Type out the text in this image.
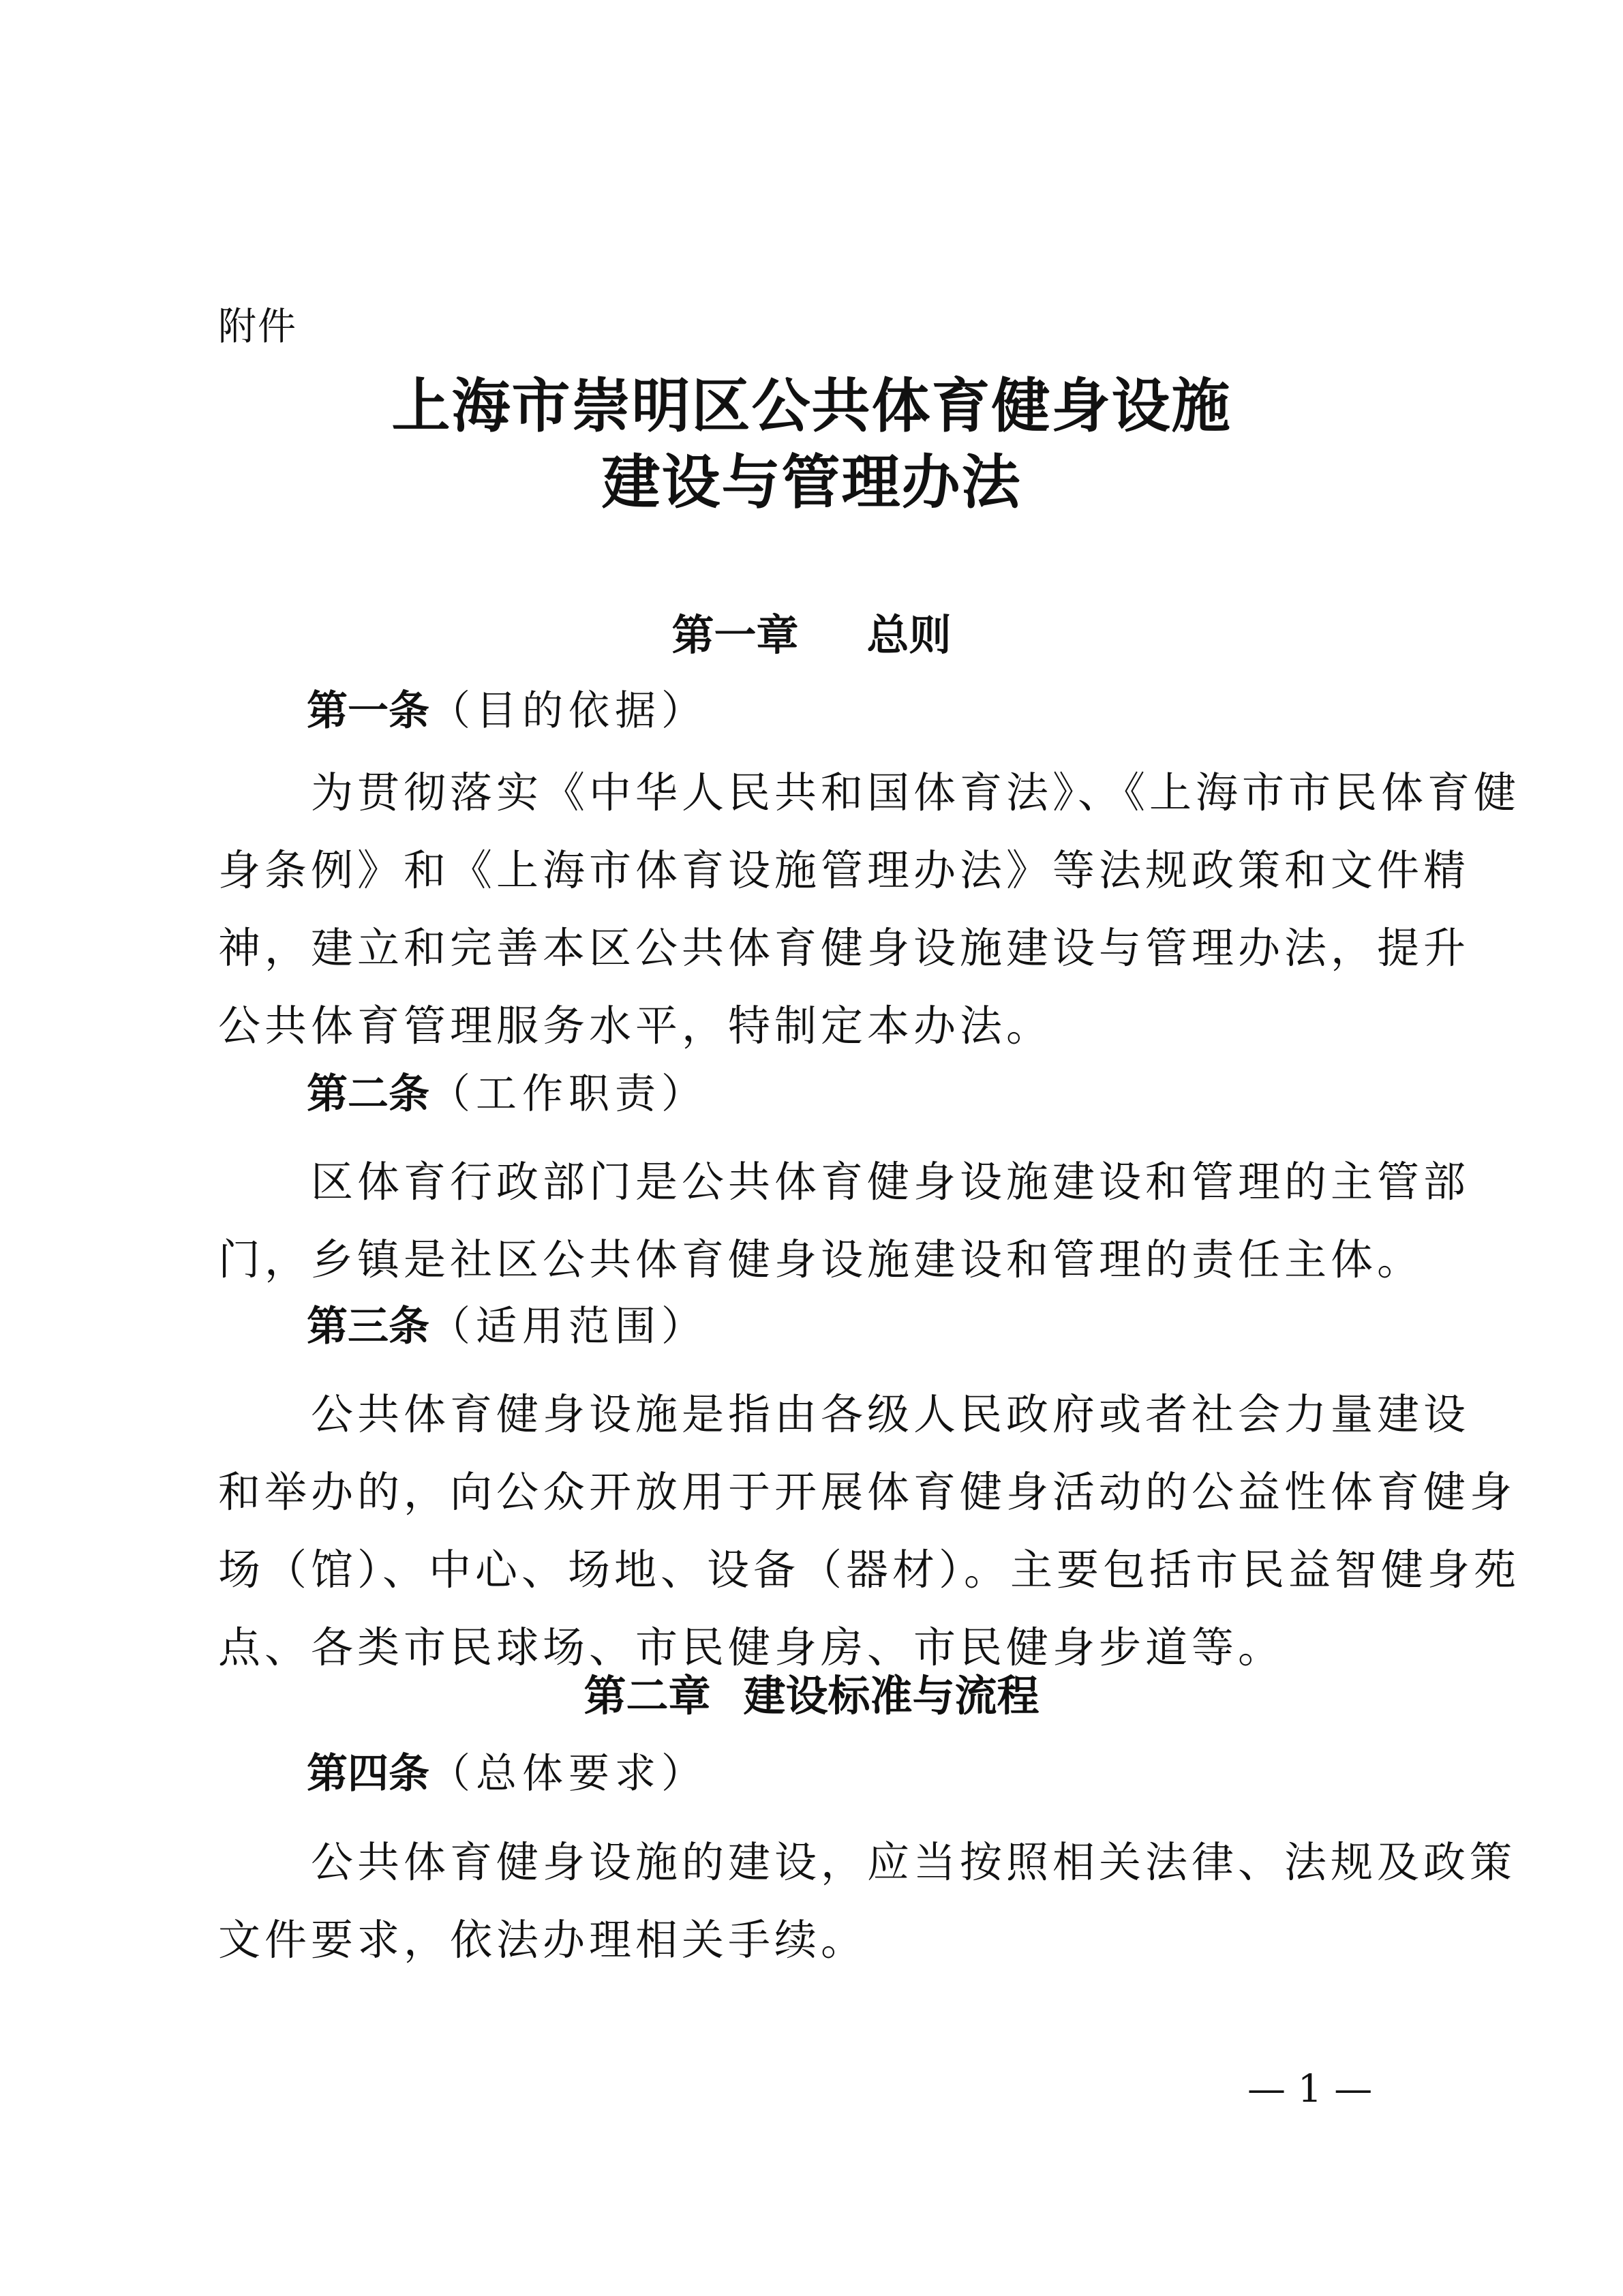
附件
上海市崇明区公共体育健身设施
建设与管理办法
第一章 总则
第一条（目的依据）
　　为贯彻落实《中华人民共和国体育法》、《上海市市民体育健
身条例》和《上海市体育设施管理办法》等法规政策和文件精
神，建立和完善本区公共体育健身设施建设与管理办法，提升
公共体育管理服务水平，特制定本办法。
第二条（工作职责）
　　区体育行政部门是公共体育健身设施建设和管理的主管部
门，乡镇是社区公共体育健身设施建设和管理的责任主体。
第三条（适用范围）
　　公共体育健身设施是指由各级人民政府或者社会力量建设
和举办的，向公众开放用于开展体育健身活动的公益性体育健身
场（馆）、中心、场地、设备（器材）。主要包括市民益智健身苑
点、各类市民球场、市民健身房、市民健身步道等。
第二章 建设标准与流程
第四条（总体要求）
　　公共体育健身设施的建设，应当按照相关法律、法规及政策
文件要求，依法办理相关手续。
— 1 —
